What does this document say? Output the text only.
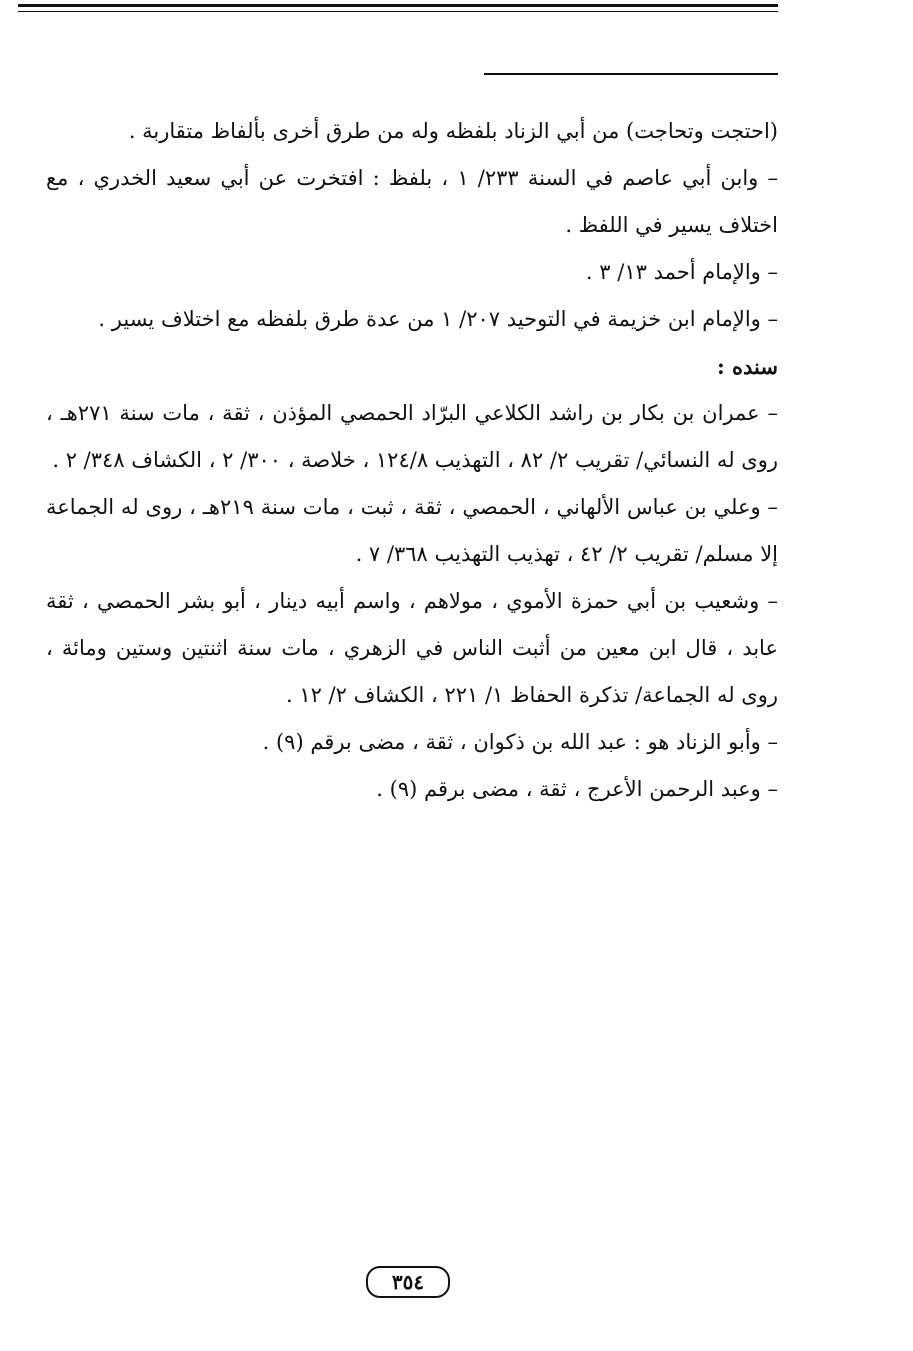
(احتجت وتحاجت) من أبي الزناد بلفظه وله من طرق أخرى بألفاظ متقاربة .

– وابن أبي عاصم في السنة ٢٣٣/ ١ ، بلفظ : افتخرت عن أبي سعيد الخدري ، مع اختلاف يسير في اللفظ .

– والإمام أحمد ١٣/ ٣ .

– والإمام ابن خزيمة في التوحيد ٢٠٧/ ١ من عدة طرق بلفظه مع اختلاف يسير .

سنده :

– عمران بن بكار بن راشد الكلاعي البرّاد الحمصي المؤذن ، ثقة ، مات سنة ٢٧١هـ ، روى له النسائي/ تقريب ٢/ ٨٢ ، التهذيب ١٢٤/٨ ، خلاصة ، ٣٠٠/ ٢ ، الكشاف ٣٤٨/ ٢ .

– وعلي بن عباس الألهاني ، الحمصي ، ثقة ، ثبت ، مات سنة ٢١٩هـ ، روى له الجماعة إلا مسلم/ تقريب ٢/ ٤٢ ، تهذيب التهذيب ٣٦٨/ ٧ .

– وشعيب بن أبي حمزة الأموي ، مولاهم ، واسم أبيه دينار ، أبو بشر الحمصي ، ثقة عابد ، قال ابن معين من أثبت الناس في الزهري ، مات سنة اثنتين وستين ومائة ، روى له الجماعة/ تذكرة الحفاظ ١/ ٢٢١ ، الكشاف ٢/ ١٢ .

– وأبو الزناد هو : عبد الله بن ذكوان ، ثقة ، مضى برقم (٩) .

– وعبد الرحمن الأعرج ، ثقة ، مضى برقم (٩) .

٣٥٤
